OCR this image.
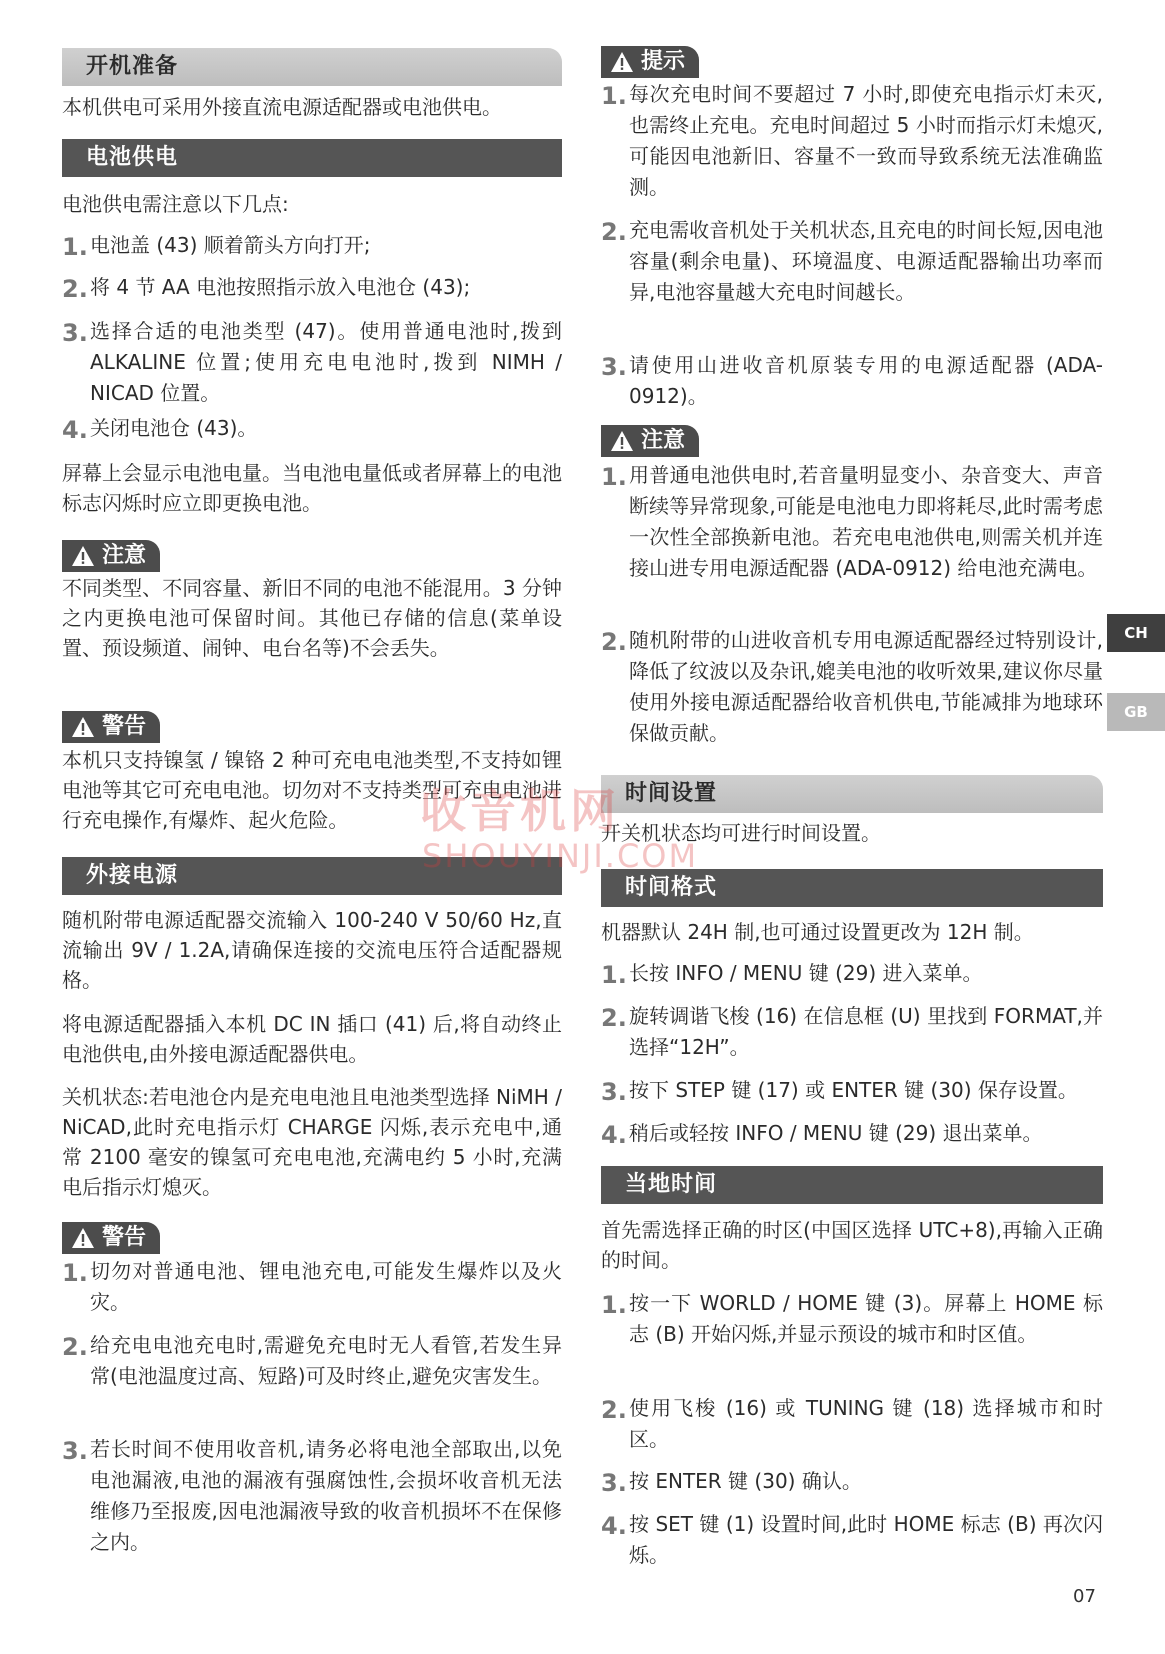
开机准备

本机供电可采用外接直流电源适配器或电池供电。

电池供电

电池供电需注意以下几点:

1. 电池盖 (43) 顺着箭头方向打开;
2. 将 4 节 AA 电池按照指示放入电池仓 (43);
3. 选择合适的电池类型 (47)。使用普通电池时,拨到 ALKALINE 位置;使用充电电池时,拨到 NIMH / NICAD 位置。
4. 关闭电池仓 (43)。

屏幕上会显示电池电量。当电池电量低或者屏幕上的电池标志闪烁时应立即更换电池。

注意

不同类型、不同容量、新旧不同的电池不能混用。3 分钟之内更换电池可保留时间。其他已存储的信息(菜单设置、预设频道、闹钟、电台名等)不会丢失。

警告

本机只支持镍氢 / 镍铬 2 种可充电电池类型,不支持如锂电池等其它可充电电池。切勿对不支持类型可充电电池进行充电操作,有爆炸、起火危险。

外接电源

随机附带电源适配器交流输入 100-240 V 50/60 Hz,直流输出 9V / 1.2A,请确保连接的交流电压符合适配器规格。

将电源适配器插入本机 DC IN 插口 (41) 后,将自动终止电池供电,由外接电源适配器供电。

关机状态:若电池仓内是充电电池且电池类型选择 NiMH / NiCAD,此时充电指示灯 CHARGE 闪烁,表示充电中,通常 2100 毫安的镍氢可充电电池,充满电约 5 小时,充满电后指示灯熄灭。

警告
1. 切勿对普通电池、锂电池充电,可能发生爆炸以及火灾。
2. 给充电电池充电时,需避免充电时无人看管,若发生异常(电池温度过高、短路)可及时终止,避免灾害发生。
3. 若长时间不使用收音机,请务必将电池全部取出,以免电池漏液,电池的漏液有强腐蚀性,会损坏收音机无法维修乃至报废,因电池漏液导致的收音机损坏不在保修之内。
提示
1. 每次充电时间不要超过 7 小时,即使充电指示灯未灭,也需终止充电。充电时间超过 5 小时而指示灯未熄灭,可能因电池新旧、容量不一致而导致系统无法准确监测。
2. 充电需收音机处于关机状态,且充电的时间长短,因电池容量(剩余电量)、环境温度、电源适配器输出功率而异,电池容量越大充电时间越长。
3. 请使用山进收音机原装专用的电源适配器 (ADA-0912)。
注意
1. 用普通电池供电时,若音量明显变小、杂音变大、声音断续等异常现象,可能是电池电力即将耗尽,此时需考虑一次性全部换新电池。若充电电池供电,则需关机并连接山进专用电源适配器 (ADA-0912) 给电池充满电。
2. 随机附带的山进收音机专用电源适配器经过特别设计,降低了纹波以及杂讯,媲美电池的收听效果,建议你尽量使用外接电源适配器给收音机供电,节能减排为地球环保做贡献。
时间设置

开关机状态均可进行时间设置。

时间格式

机器默认 24H 制,也可通过设置更改为 12H 制。

1. 长按 INFO / MENU 键 (29) 进入菜单。
2. 旋转调谐飞梭 (16) 在信息框 (U) 里找到 FORMAT,并选择“12H”。
3. 按下 STEP 键 (17) 或 ENTER 键 (30) 保存设置。
4. 稍后或轻按 INFO / MENU 键 (29) 退出菜单。
当地时间

首先需选择正确的时区(中国区选择 UTC+8),再输入正确的时间。

1. 按一下 WORLD / HOME 键 (3)。屏幕上 HOME 标志 (B) 开始闪烁,并显示预设的城市和时区值。
2. 使用飞梭 (16) 或 TUNING 键 (18) 选择城市和时区。
3. 按 ENTER 键 (30) 确认。
4. 按 SET 键 (1) 设置时间,此时 HOME 标志 (B) 再次闪烁。
CH
GB
07
收音机网
SHOUYINJI.COM
